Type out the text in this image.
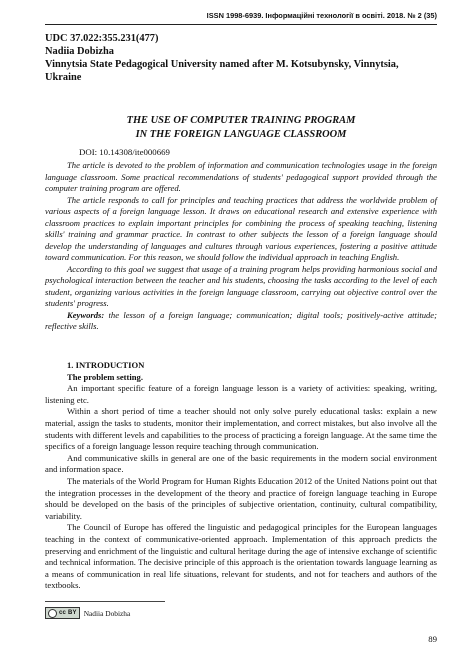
ISSN 1998-6939. Інформаційні технології в освіті. 2018. № 2 (35)
UDC 37.022:355.231(477)
Nadiia Dobizha
Vinnytsia State Pedagogical University named after M. Kotsubynsky, Vinnytsia, Ukraine
THE USE OF COMPUTER TRAINING PROGRAM
IN THE FOREIGN LANGUAGE CLASSROOM
DOI: 10.14308/ite000669

The article is devoted to the problem of information and communication technologies usage in the foreign language classroom. Some practical recommendations of students' pedagogical support provided through the computer training program are offered.

The article responds to call for principles and teaching practices that address the worldwide problem of various aspects of a foreign language lesson. It draws on educational research and extensive experience with classroom practices to explain important principles for combining the process of speaking teaching, listening skills' training and grammar practice. In contrast to other subjects the lesson of a foreign language should develop the understanding of languages and cultures through various experiences, fostering a positive attitude toward communication. For this reason, we should follow the individual approach in teaching English.

According to this goal we suggest that usage of a training program helps providing harmonious social and psychological interaction between the teacher and his students, choosing the tasks according to the level of each student, organizing various activities in the foreign language classroom, carrying out objective control over the students' progress.

Keywords: the lesson of a foreign language; communication; digital tools; positively-active attitude; reflective skills.

1. INTRODUCTION

The problem setting.

An important specific feature of a foreign language lesson is a variety of activities: speaking, writing, listening etc.

Within a short period of time a teacher should not only solve purely educational tasks: explain a new material, assign the tasks to students, monitor their implementation, and correct mistakes, but also involve all the students with different levels and capabilities to the process of practicing a foreign language. At the same time the specifics of a foreign language lesson require teaching through communication.

And communicative skills in general are one of the basic requirements in the modern social environment and information space.

The materials of the World Program for Human Rights Education 2012 of the United Nations point out that the integration processes in the development of the theory and practice of foreign language teaching in Europe should be developed on the basis of the principles of subjective orientation, continuity, cultural compatibility, variability.

The Council of Europe has offered the linguistic and pedagogical principles for the European languages teaching in the context of communicative-oriented approach. Implementation of this approach predicts the preserving and enrichment of the linguistic and cultural heritage during the age of intensive exchange of scientific and technical information. The decisive principle of this approach is the orientation towards language learning as a means of communication in real life situations, relevant for students, and not for teachers and authors of the textbooks.

cc BY Nadiia Dobizha
89
